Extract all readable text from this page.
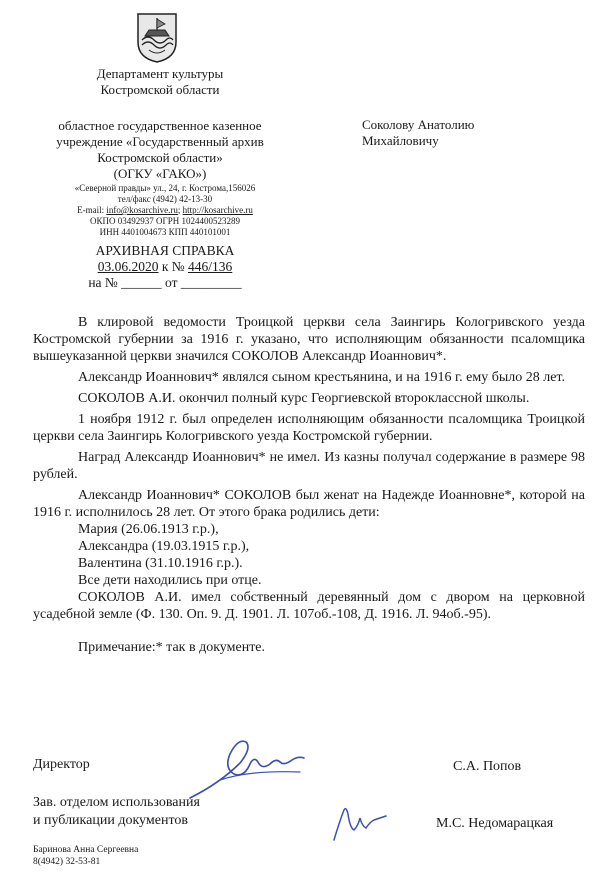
Департамент культуры
Костромской области
областное государственное казенное
учреждение «Государственный архив
Костромской области»
(ОГКУ «ГАКО»)
«Северной правды» ул., 24, г. Кострома,156026
тел/факс (4942) 42-13-30
E-mail: info@kosarchive.ru; http://kosarchive.ru
ОКПО 03492937 ОГРН 1024400523289
ИНН 4401004673 КПП 440101001
АРХИВНАЯ СПРАВКА
03.06.2020 к № 446/136
на № ______ от _________
Соколову Анатолию
Михайловичу
В клировой ведомости Троицкой церкви села Заингирь Кологривского уезда Костромской губернии за 1916 г. указано, что исполняющим обязанности псаломщика вышеуказанной церкви значился СОКОЛОВ Александр Иоаннович*.
Александр Иоаннович* являлся сыном крестьянина, и на 1916 г. ему было 28 лет.
СОКОЛОВ А.И. окончил полный курс Георгиевской второклассной школы.
1 ноября 1912 г. был определен исполняющим обязанности псаломщика Троицкой церкви села Заингирь Кологривского уезда Костромской губернии.
Наград Александр Иоаннович* не имел. Из казны получал содержание в размере 98 рублей.
Александр Иоаннович* СОКОЛОВ был женат на Надежде Иоанновне*, которой на 1916 г. исполнилось 28 лет. От этого брака родились дети:
Мария (26.06.1913 г.р.),
Александра (19.03.1915 г.р.),
Валентина (31.10.1916 г.р.).
Все дети находились при отце.
СОКОЛОВ А.И. имел собственный деревянный дом с двором на церковной усадебной земле (Ф. 130. Оп. 9. Д. 1901. Л. 107об.-108, Д. 1916. Л. 94об.-95).
Примечание:* так в документе.
Директор	С.А. Попов
Зав. отделом использования
и публикации документов	М.С. Недомарацкая
Баринова Анна Сергеевна
8(4942) 32-53-81
